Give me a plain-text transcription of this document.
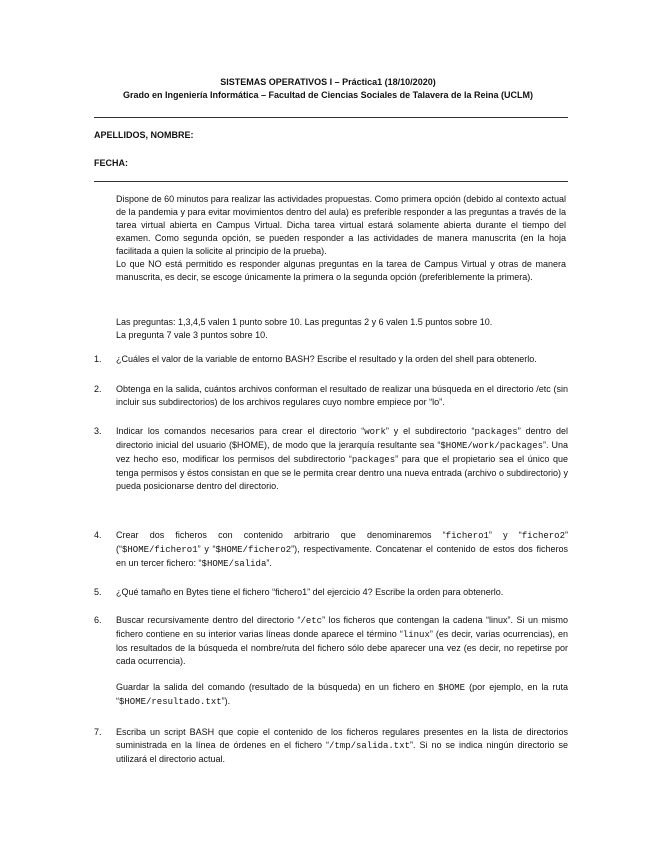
SISTEMAS OPERATIVOS I – Práctica1 (18/10/2020)
Grado en Ingeniería Informática – Facultad de Ciencias Sociales de Talavera de la Reina (UCLM)
APELLIDOS, NOMBRE:
FECHA:

Dispone de 60 minutos para realizar las actividades propuestas. Como primera opción (debido al contexto actual de la pandemia y para evitar movimientos dentro del aula) es preferible responder a las preguntas a través de la tarea virtual abierta en Campus Virtual. Dicha tarea virtual estará solamente abierta durante el tiempo del examen. Como segunda opción, se pueden responder a las actividades de manera manuscrita (en la hoja facilitada a quien la solicite al principio de la prueba).

Lo que NO está permitido es responder algunas preguntas en la tarea de Campus Virtual y otras de manera manuscrita, es decir, se escoge únicamente la primera o la segunda opción (preferiblemente la primera).

Las preguntas: 1,3,4,5 valen 1 punto sobre 10. Las preguntas 2 y 6 valen 1.5 puntos sobre 10.
La pregunta 7 vale 3 puntos sobre 10.
1.	¿Cuáles el valor de la variable de entorno BASH? Escribe el resultado y la orden del shell para obtenerlo.

2.	Obtenga en la salida, cuántos archivos conforman el resultado de realizar una búsqueda en el directorio /etc (sin incluir sus subdirectorios) de los archivos regulares cuyo nombre empiece por “lo”.

3.	Indicar los comandos necesarios para crear el directorio “work” y el subdirectorio “packages” dentro del directorio inicial del usuario ($HOME), de modo que la jerarquía resultante sea “$HOME/work/packages”. Una vez hecho eso, modificar los permisos del subdirectorio “packages” para que el propietario sea el único que tenga permisos y éstos consistan en que se le permita crear dentro una nueva entrada (archivo o subdirectorio) y pueda posicionarse dentro del directorio.

4.	Crear dos ficheros con contenido arbitrario que denominaremos “fichero1” y “fichero2” (“$HOME/fichero1” y “$HOME/fichero2”), respectivamente. Concatenar el contenido de estos dos ficheros en un tercer fichero: “$HOME/salida”.

5.	¿Qué tamaño en Bytes tiene el fichero “fichero1” del ejercicio 4? Escribe la orden para obtenerlo.

6.	Buscar recursivamente dentro del directorio “/etc” los ficheros que contengan la cadena “linux”. Si un mismo fichero contiene en su interior varias líneas donde aparece el término “linux” (es decir, varias ocurrencias), en los resultados de la búsqueda el nombre/ruta del fichero sólo debe aparecer una vez (es decir, no repetirse por cada ocurrencia).

Guardar la salida del comando (resultado de la búsqueda) en un fichero en $HOME (por ejemplo, en la ruta “$HOME/resultado.txt”).

7.	Escriba un script BASH que copie el contenido de los ficheros regulares presentes en la lista de directorios suministrada en la línea de órdenes en el fichero “/tmp/salida.txt”. Si no se indica ningún directorio se utilizará el directorio actual.
